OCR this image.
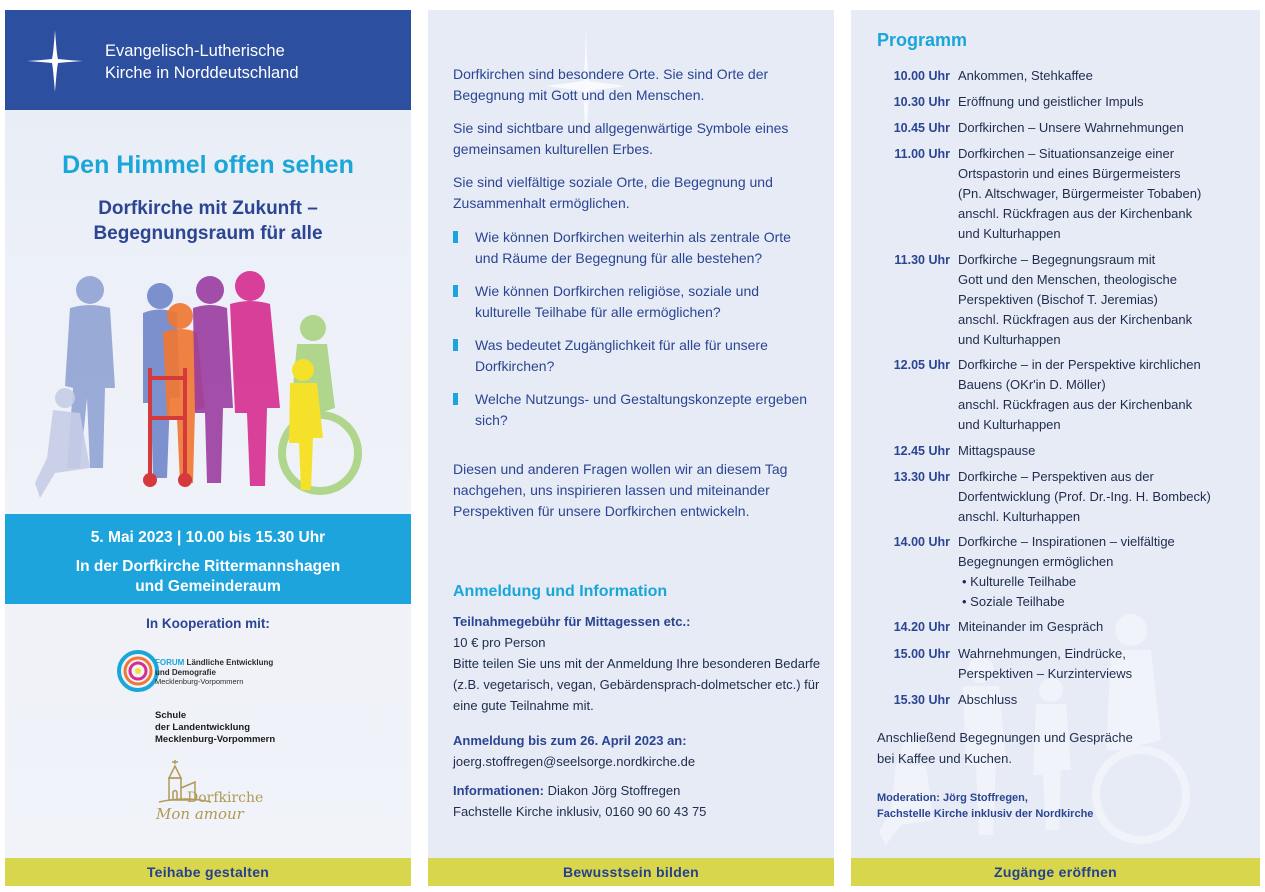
Evangelisch-Lutherische
Kirche in Norddeutschland
Den Himmel offen sehen
Dorfkirche mit Zukunft –
Begegnungsraum für alle
5. Mai 2023 | 10.00 bis 15.30 Uhr
In der Dorfkirche Rittermannshagen
und Gemeinderaum
In Kooperation mit:
FORUM Ländliche Entwicklung
und Demografie
Mecklenburg-Vorpommern
Schule
der Landentwicklung
Mecklenburg-Vorpommern
Dorfkirche
Mon amour
Teihabe gestalten
Dorfkirchen sind besondere Orte. Sie sind Orte der Begegnung mit Gott und den Menschen.
Sie sind sichtbare und allgegenwärtige Symbole eines gemeinsamen kulturellen Erbes.
Sie sind vielfältige soziale Orte, die Begegnung und Zusammenhalt ermöglichen.
Wie können Dorfkirchen weiterhin als zentrale Orte und Räume der Begegnung für alle bestehen?
Wie können Dorfkirchen religiöse, soziale und kulturelle Teilhabe für alle ermöglichen?
Was bedeutet Zugänglichkeit für alle für unsere Dorfkirchen?
Welche Nutzungs- und Gestaltungskonzepte ergeben sich?
Diesen und anderen Fragen wollen wir an diesem Tag nachgehen, uns inspirieren lassen und miteinander Perspektiven für unsere Dorfkirchen entwickeln.
Anmeldung und Information
Teilnahmegebühr für Mittagessen etc.:
10 € pro Person
Bitte teilen Sie uns mit der Anmeldung Ihre besonderen Bedarfe (z.B. vegetarisch, vegan, Gebärdensprach-dolmetscher etc.) für eine gute Teilnahme mit.
Anmeldung bis zum 26. April 2023 an:
joerg.stoffregen@seelsorge.nordkirche.de
Informationen: Diakon Jörg Stoffregen
Fachstelle Kirche inklusiv, 0160 90 60 43 75
Bewusstsein bilden
Programm
10.00 Uhr Ankommen, Stehkaffee
10.30 Uhr Eröffnung und geistlicher Impuls
10.45 Uhr Dorfkirchen – Unsere Wahrnehmungen
11.00 Uhr Dorfkirchen – Situationsanzeige einer
Ortspastorin und eines Bürgermeisters
(Pn. Altschwager, Bürgermeister Tobaben)
anschl. Rückfragen aus der Kirchenbank
und Kulturhappen
11.30 Uhr Dorfkirche – Begegnungsraum mit
Gott und den Menschen, theologische
Perspektiven (Bischof T. Jeremias)
anschl. Rückfragen aus der Kirchenbank
und Kulturhappen
12.05 Uhr Dorfkirche – in der Perspektive kirchlichen
Bauens (OKr'in D. Möller)
anschl. Rückfragen aus der Kirchenbank
und Kulturhappen
12.45 Uhr Mittagspause
13.30 Uhr Dorfkirche – Perspektiven aus der
Dorfentwicklung (Prof. Dr.-Ing. H. Bombeck)
anschl. Kulturhappen
14.00 Uhr Dorfkirche – Inspirationen – vielfältige
Begegnungen ermöglichen
• Kulturelle Teilhabe
• Soziale Teilhabe
14.20 Uhr Miteinander im Gespräch
15.00 Uhr Wahrnehmungen, Eindrücke,
Perspektiven – Kurzinterviews
15.30 Uhr Abschluss
Anschließend Begegnungen und Gespräche
bei Kaffee und Kuchen.
Moderation: Jörg Stoffregen,
Fachstelle Kirche inklusiv der Nordkirche
Zugänge eröffnen
